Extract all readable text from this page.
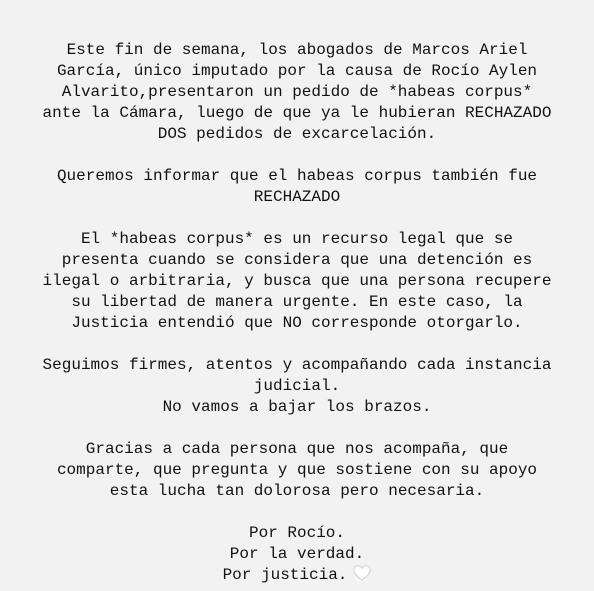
Este fin de semana, los abogados de Marcos Ariel
García, único imputado por la causa de Rocío Aylen
Alvarito,presentaron un pedido de *habeas corpus*
ante la Cámara, luego de que ya le hubieran RECHAZADO
DOS pedidos de excarcelación.
Queremos informar que el habeas corpus también fue
RECHAZADO
El *habeas corpus* es un recurso legal que se
presenta cuando se considera que una detención es
ilegal o arbitraria, y busca que una persona recupere
su libertad de manera urgente. En este caso, la
Justicia entendió que NO corresponde otorgarlo.
Seguimos firmes, atentos y acompañando cada instancia
judicial.
No vamos a bajar los brazos.
Gracias a cada persona que nos acompaña, que
comparte, que pregunta y que sostiene con su apoyo
esta lucha tan dolorosa pero necesaria.
Por Rocío.
Por la verdad.
Por justicia.
